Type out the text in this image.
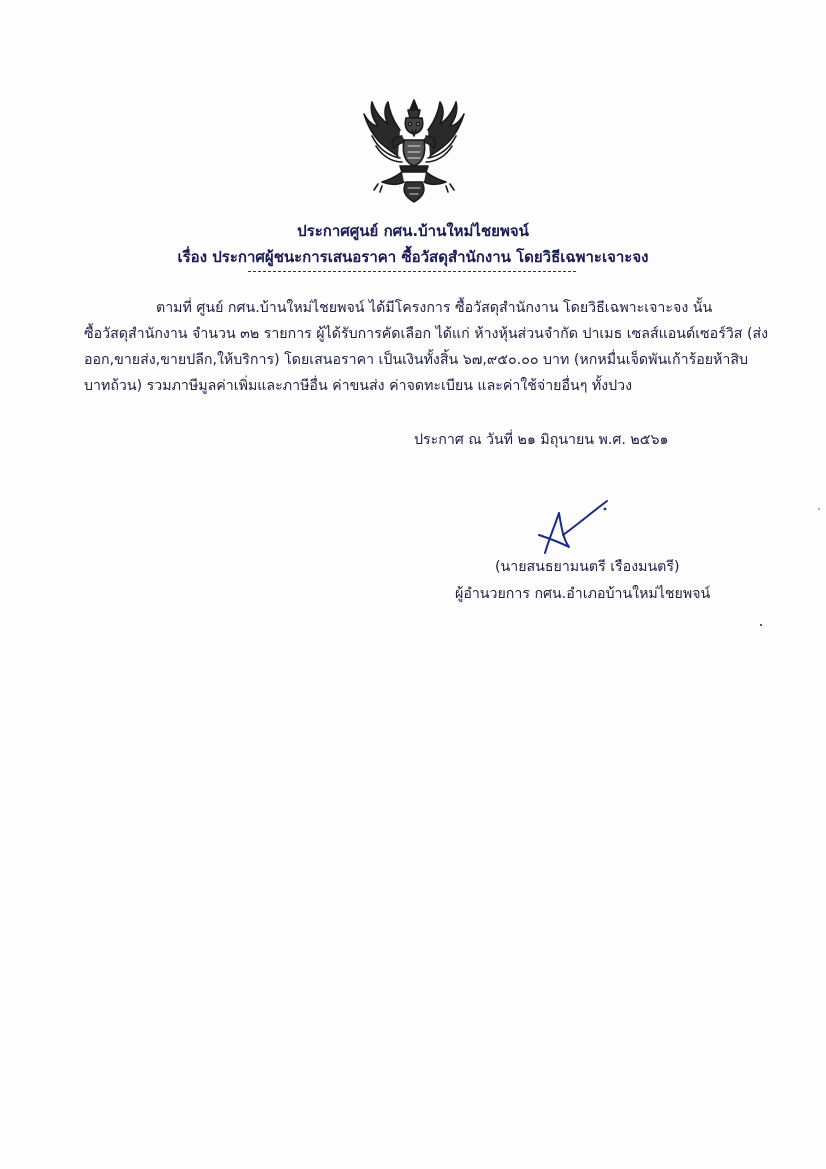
ประกาศศูนย์ กศน.บ้านใหม่ไชยพจน์
เรื่อง ประกาศผู้ชนะการเสนอราคา ซื้อวัสดุสำนักงาน โดยวิธีเฉพาะเจาะจง
ตามที่ ศูนย์ กศน.บ้านใหม่ไชยพจน์ ได้มีโครงการ ซื้อวัสดุสำนักงาน โดยวิธีเฉพาะเจาะจง นั้น
ซื้อวัสดุสำนักงาน จำนวน ๓๒ รายการ ผู้ได้รับการคัดเลือก ได้แก่ ห้างหุ้นส่วนจำกัด ปาเมธ เซลส์แอนด์เซอร์วิส (ส่ง
ออก,ขายส่ง,ขายปลีก,ให้บริการ) โดยเสนอราคา เป็นเงินทั้งสิ้น ๖๗,๙๕๐.๐๐ บาท (หกหมื่นเจ็ดพันเก้าร้อยห้าสิบ
บาทถ้วน) รวมภาษีมูลค่าเพิ่มและภาษีอื่น ค่าขนส่ง ค่าจดทะเบียน และค่าใช้จ่ายอื่นๆ ทั้งปวง
ประกาศ ณ วันที่ ๒๑ มิถุนายน พ.ศ. ๒๕๖๑
(นายสนธยามนตรี เรืองมนตรี)
ผู้อำนวยการ กศน.อำเภอบ้านใหม่ไชยพจน์
